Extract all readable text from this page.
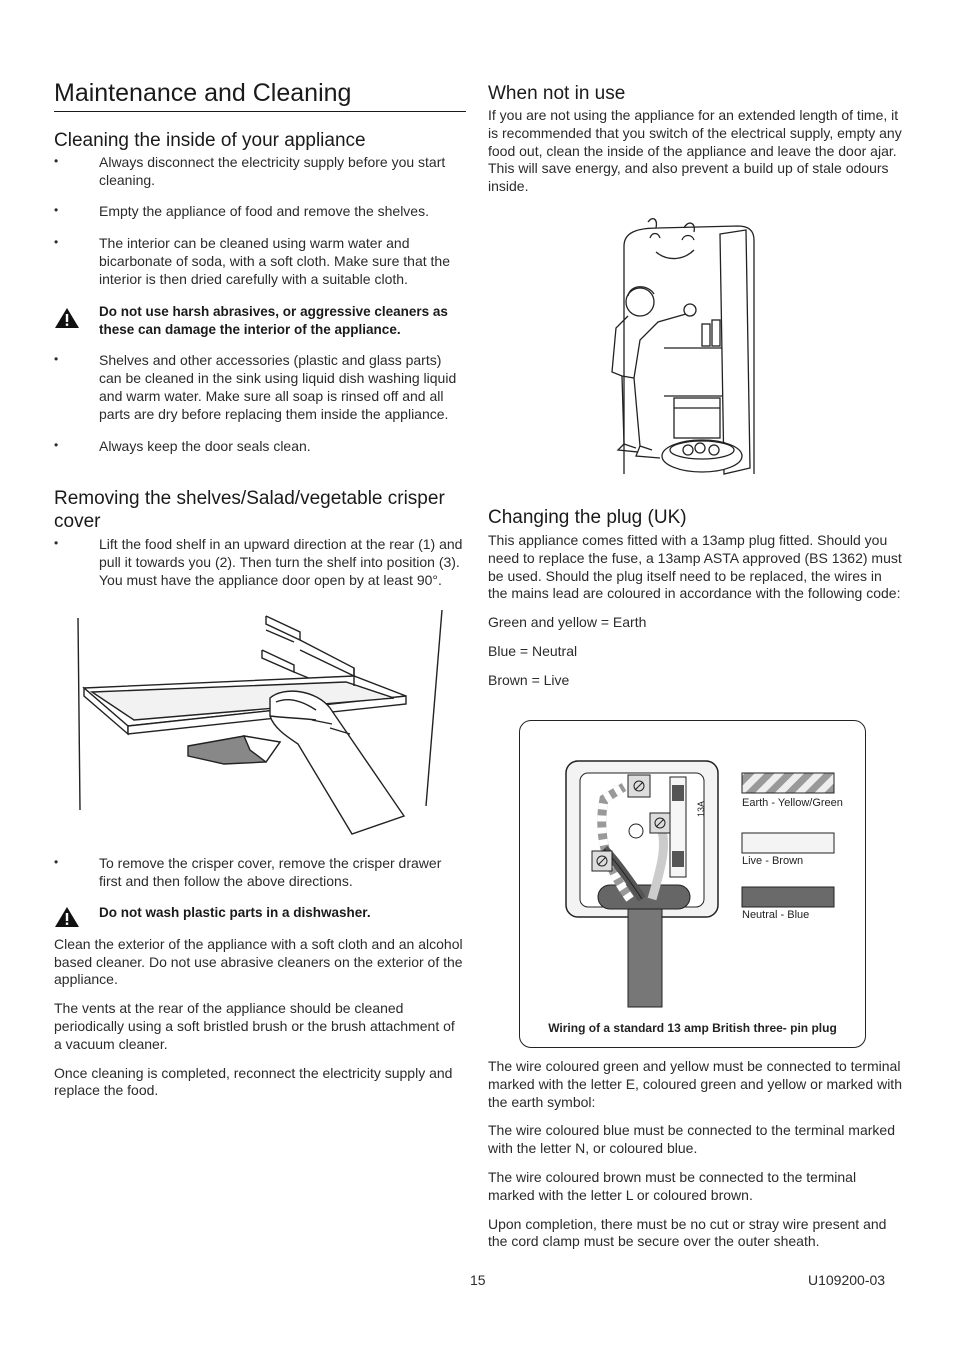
Maintenance and Cleaning
Cleaning the inside of your appliance
• Always disconnect the electricity supply before you start cleaning.
• Empty the appliance of food and remove the shelves.
• The interior can be cleaned using warm water and bicarbonate of soda, with a soft cloth. Make sure that the interior is then dried carefully with a suitable cloth.
Do not use harsh abrasives, or aggressive cleaners as these can damage the interior of the appliance.
• Shelves and other accessories (plastic and glass parts) can be cleaned in the sink using liquid dish washing liquid and warm water. Make sure all soap is rinsed off and all parts are dry before replacing them inside the appliance.
• Always keep the door seals clean.
Removing the shelves/Salad/vegetable crisper cover
• Lift the food shelf in an upward direction at the rear (1) and pull it towards you (2). Then turn the shelf into position (3). You must have the appliance door open by at least 90°.
• To remove the crisper cover, remove the crisper drawer first and then follow the above directions.
Do not wash plastic parts in a dishwasher.

Clean the exterior of the appliance with a soft cloth and an alcohol based cleaner. Do not use abrasive cleaners on the exterior of the appliance.

The vents at the rear of the appliance should be cleaned periodically using a soft bristled brush or the brush attachment of a vacuum cleaner.

Once cleaning is completed, reconnect the electricity supply and replace the food.

When not in use

If you are not using the appliance for an extended length of time, it is recommended that you switch of the electrical supply, empty any food out, clean the inside of the appliance and leave the door ajar. This will save energy, and also prevent a build up of stale odours inside.

Changing the plug (UK)

This appliance comes fitted with a 13amp plug fitted. Should you need to replace the fuse, a 13amp ASTA approved (BS 1362) must be used. Should the plug itself need to be replaced, the wires in the mains lead are coloured in accordance with the following code:

Green and yellow = Earth

Blue = Neutral

Brown = Live

13A	Earth - Yellow/Green
Live - Brown
Neutral - Blue
Wiring of a standard 13 amp British three- pin plug

The wire coloured green and yellow must be connected to terminal marked with the letter E, coloured green and yellow or marked with the earth symbol:

The wire coloured blue must be connected to the terminal marked with the letter N, or coloured blue.

The wire coloured brown must be connected to the terminal marked with the letter L or coloured brown.

Upon completion, there must be no cut or stray wire present and the cord clamp must be secure over the outer sheath.

15	U109200-03
